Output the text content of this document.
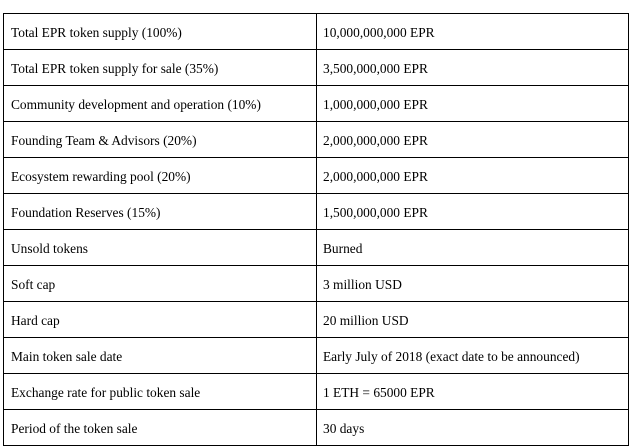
Total EPR token supply (100%)	10,000,000,000 EPR
Total EPR token supply for sale (35%)	3,500,000,000 EPR
Community development and operation (10%)	1,000,000,000 EPR
Founding Team & Advisors (20%)	2,000,000,000 EPR
Ecosystem rewarding pool (20%)	2,000,000,000 EPR
Foundation Reserves (15%)	1,500,000,000 EPR
Unsold tokens	Burned
Soft cap	3 million USD
Hard cap	20 million USD
Main token sale date	Early July of 2018 (exact date to be announced)
Exchange rate for public token sale	1 ETH = 65000 EPR
Period of the token sale	30 days
